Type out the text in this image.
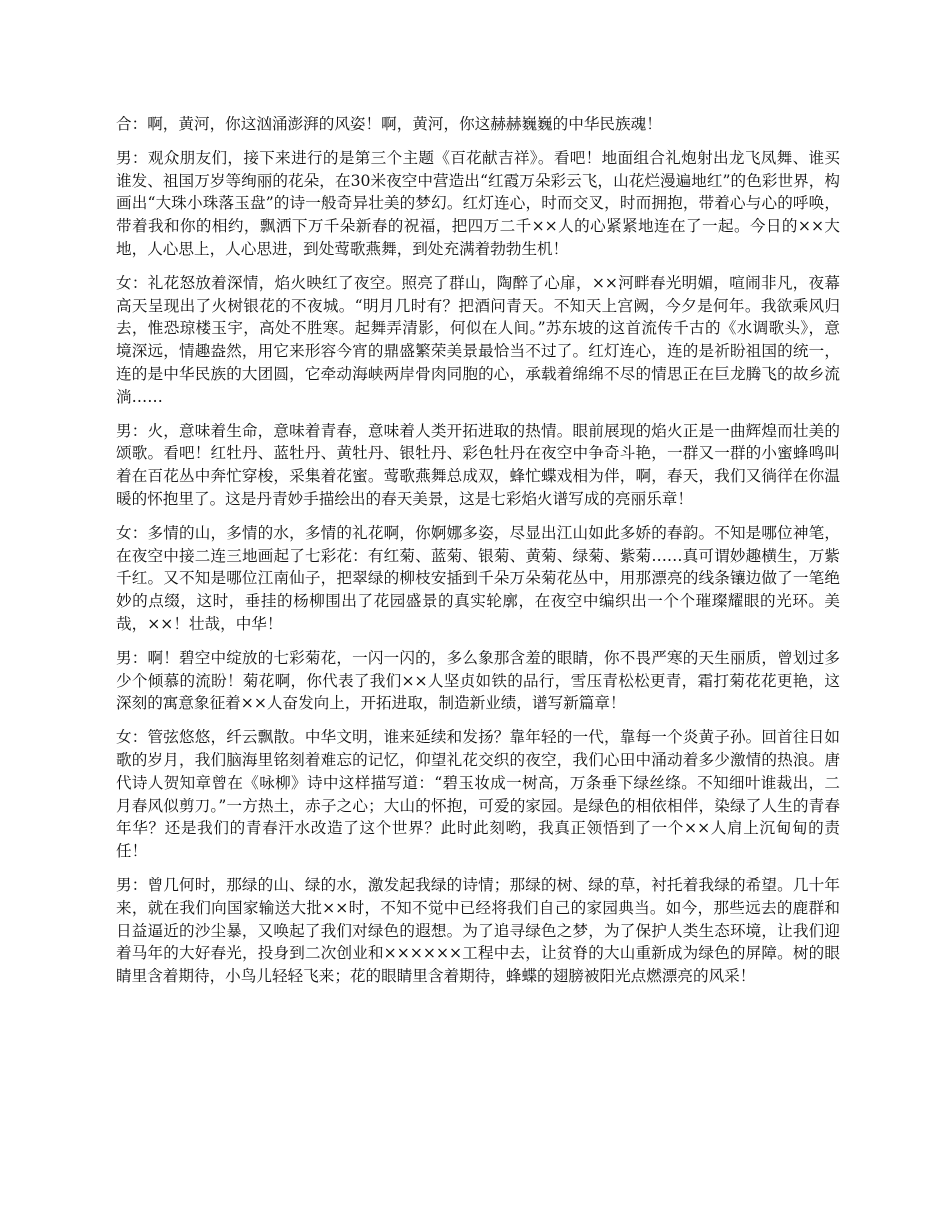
合：啊，黄河，你这汹涌澎湃的风姿！啊，黄河，你这赫赫巍巍的中华民族魂！

男：观众朋友们，接下来进行的是第三个主题《百花献吉祥》。看吧！地面组合礼炮射出龙飞凤舞、谁买谁发、祖国万岁等绚丽的花朵，在30米夜空中营造出“红霞万朵彩云飞，山花烂漫遍地红”的色彩世界，构画出“大珠小珠落玉盘”的诗一般奇异壮美的梦幻。红灯连心，时而交叉，时而拥抱，带着心与心的呼唤，带着我和你的相约，飘洒下万千朵新春的祝福，把四万二千××人的心紧紧地连在了一起。今日的××大地，人心思上，人心思进，到处莺歌燕舞，到处充满着勃勃生机！

女：礼花怒放着深情，焰火映红了夜空。照亮了群山，陶醉了心扉，××河畔春光明媚，喧闹非凡，夜幕高天呈现出了火树银花的不夜城。“明月几时有？把酒问青天。不知天上宫阙，今夕是何年。我欲乘风归去，惟恐琼楼玉宇，高处不胜寒。起舞弄清影，何似在人间。”苏东坡的这首流传千古的《水调歌头》，意境深远，情趣盎然，用它来形容今宵的鼎盛繁荣美景最恰当不过了。红灯连心，连的是祈盼祖国的统一，连的是中华民族的大团圆，它牵动海峡两岸骨肉同胞的心，承载着绵绵不尽的情思正在巨龙腾飞的故乡流淌……

男：火，意味着生命，意味着青春，意味着人类开拓进取的热情。眼前展现的焰火正是一曲辉煌而壮美的颂歌。看吧！红牡丹、蓝牡丹、黄牡丹、银牡丹、彩色牡丹在夜空中争奇斗艳，一群又一群的小蜜蜂鸣叫着在百花丛中奔忙穿梭，采集着花蜜。莺歌燕舞总成双，蜂忙蝶戏相为伴，啊，春天，我们又徜徉在你温暖的怀抱里了。这是丹青妙手描绘出的春天美景，这是七彩焰火谱写成的亮丽乐章！

女：多情的山，多情的水，多情的礼花啊，你婀娜多姿，尽显出江山如此多娇的春韵。不知是哪位神笔，在夜空中接二连三地画起了七彩花：有红菊、蓝菊、银菊、黄菊、绿菊、紫菊……真可谓妙趣横生，万紫千红。又不知是哪位江南仙子，把翠绿的柳枝安插到千朵万朵菊花丛中，用那漂亮的线条镶边做了一笔绝妙的点缀，这时，垂挂的杨柳围出了花园盛景的真实轮廓，在夜空中编织出一个个璀璨耀眼的光环。美哉，××！壮哉，中华！

男：啊！碧空中绽放的七彩菊花，一闪一闪的，多么象那含羞的眼睛，你不畏严寒的天生丽质，曾划过多少个倾慕的流盼！菊花啊，你代表了我们××人坚贞如铁的品行，雪压青松松更青，霜打菊花花更艳，这深刻的寓意象征着××人奋发向上，开拓进取，制造新业绩，谱写新篇章！

女：管弦悠悠，纤云飘散。中华文明，谁来延续和发扬？靠年轻的一代，靠每一个炎黄子孙。回首往日如歌的岁月，我们脑海里铭刻着难忘的记忆，仰望礼花交织的夜空，我们心田中涌动着多少激情的热浪。唐代诗人贺知章曾在《咏柳》诗中这样描写道：“碧玉妆成一树高，万条垂下绿丝绦。不知细叶谁裁出，二月春风似剪刀。”一方热土，赤子之心；大山的怀抱，可爱的家园。是绿色的相依相伴，染绿了人生的青春年华？还是我们的青春汗水改造了这个世界？此时此刻哟，我真正领悟到了一个××人肩上沉甸甸的责任！

男：曾几何时，那绿的山、绿的水，激发起我绿的诗情；那绿的树、绿的草，衬托着我绿的希望。几十年来，就在我们向国家输送大批××时，不知不觉中已经将我们自己的家园典当。如今，那些远去的鹿群和日益逼近的沙尘暴，又唤起了我们对绿色的遐想。为了追寻绿色之梦，为了保护人类生态环境，让我们迎着马年的大好春光，投身到二次创业和××××××工程中去，让贫脊的大山重新成为绿色的屏障。树的眼睛里含着期待，小鸟儿轻轻飞来；花的眼睛里含着期待，蜂蝶的翅膀被阳光点燃漂亮的风采！
